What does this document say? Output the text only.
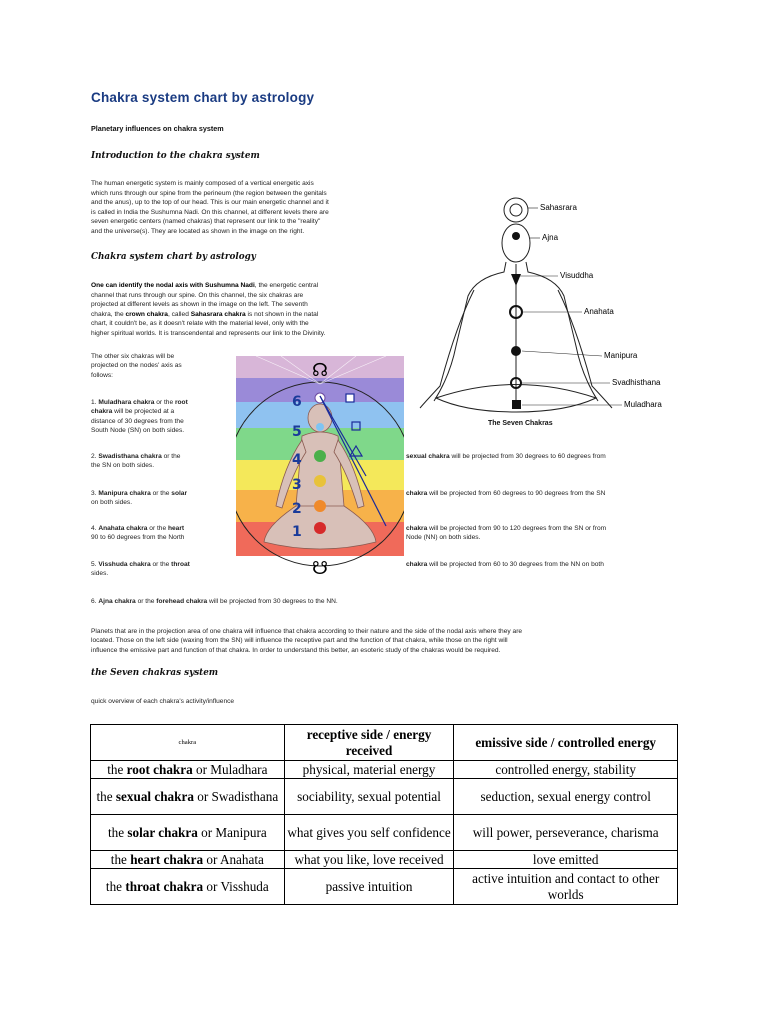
Chakra system chart by astrology
Planetary influences on chakra system
Introduction to the chakra system
The human energetic system is mainly composed of a vertical energetic axis
which runs through our spine from the perineum (the region between the genitals
and the anus), up to the top of our head. This is our main energetic channel and it
is called in India the Sushumna Nadi. On this channel, at different levels there are
seven energetic centers (named chakras) that represent our link to the "reality"
and the universe(s). They are located as shown in the image on the right.
Chakra system chart by astrology
One can identify the nodal axis with Sushumna Nadi, the energetic central
channel that runs through our spine. On this channel, the six chakras are
projected at different levels as shown in the image on the left. The seventh
chakra, the crown chakra, called Sahasrara chakra is not shown in the natal
chart, it couldn't be, as it doesn't relate with the material level, only with the
higher spiritual worlds. It is transcendental and represents our link to the Divinity.
The other six chakras will be
projected on the nodes' axis as
follows:
1. Muladhara chakra or the root
chakra will be projected at a
distance of 30 degrees from the
South Node (SN) on both sides.
2. Swadisthana chakra or the
the SN on both sides.
sexual chakra will be projected from 30 degrees to 60 degrees from
3. Manipura chakra or the solar
on both sides.
chakra will be projected from 60 degrees to 90 degrees from the SN
4. Anahata chakra or the heart
90 to 60 degrees from the North
chakra will be projected from 90 to 120 degrees from the SN or from
Node (NN) on both sides.
5. Visshuda chakra or the throat
sides.
chakra will be projected from 60 to 30 degrees from the NN on both
6. Ajna chakra or the forehead chakra will be projected from 30 degrees to the NN.
Planets that are in the projection area of one chakra will influence that chakra according to their nature and the side of the nodal axis where they are
located. Those on the left side (waxing from the SN) will influence the receptive part and the function of that chakra, while those on the right will
influence the emissive part and function of that chakra. In order to understand this better, an esoteric study of the chakras would be required.
the Seven chakras system
quick overview of each chakra's activity/influence
☊
☋
6
5
4
3
2
1
Sahasrara
Ajna
Visuddha
Anahata
Manipura
Svadhisthana
Muladhara
The Seven Chakras
chakra	receptive side / energy received	emissive side / controlled energy
the root chakra or Muladhara	physical, material energy	controlled energy, stability
the sexual chakra or Swadisthana	sociability, sexual potential	seduction, sexual energy control
the solar chakra or Manipura	what gives you self confidence	will power, perseverance, charisma
the heart chakra or Anahata	what you like, love received	love emitted
the throat chakra or Visshuda	passive intuition	active intuition and contact to other worlds
